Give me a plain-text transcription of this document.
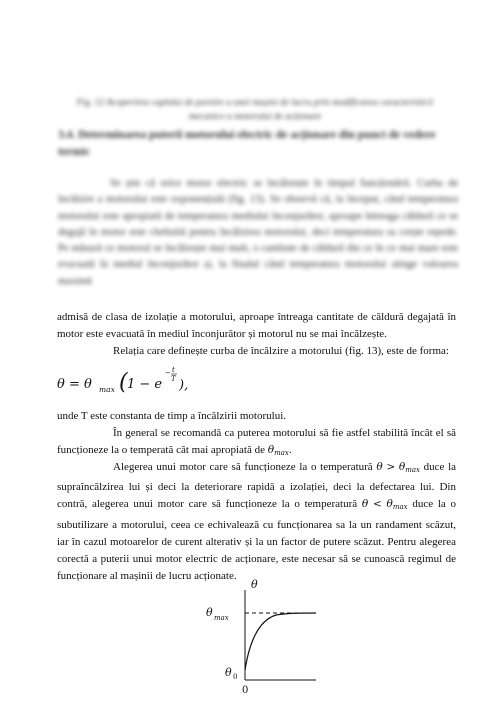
Fig. 12 Acoperirea cuplului de pornire a unei mașini de lucru prin modificarea caracteristicii mecanice a motorului de acționare
3.4. Determinarea puterii motorului electric de acționare din punct de vedere termic
Se știe că orice motor electric se încălzește în timpul funcționării. Curba de încălzire a motorului este exponențială (fig. 13). Se observă că, la început, când temperatura motorului este apropiată de temperatura mediului înconjurător, aproape întreaga căldură ce se degajă în motor este cheltuită pentru încălzirea motorului, deci temperatura sa crește repede. Pe măsură ce motorul se încălzește mai mult, o cantitate de căldură din ce în ce mai mare este evacuată în mediul înconjurător și, la finalul când temperatura motorului atinge valoarea maximă
admisă de clasa de izolație a motorului, aproape întreaga cantitate de căldură degajată în motor este evacuată în mediul înconjurător și motorul nu se mai încălzește.
Relația care definește curba de încălzire a motorului (fig. 13), este de forma:
θ = θ max ( 1 − e
− t
T ),
unde T este constanta de timp a încălzirii motorului.
În general se recomandă ca puterea motorului să fie astfel stabilită încât el să funcționeze la o temperată cât mai apropiată de $\theta_{max}$.
Alegerea unui motor care să funcționeze la o temperatură $\theta > \theta_{max}$ duce la supraîncălzirea lui și deci la deteriorare rapidă a izolației, deci la defectarea lui. Din contră, alegerea unui motor care să funcționeze la o temperatură $\theta < \theta_{max}$ duce la o subutilizare a motorului, ceea ce echivalează cu funcționarea sa la un randament scăzut, iar în cazul motoarelor de curent alterativ și la un factor de putere scăzut. Pentru alegerea corectă a puterii unui motor electric de acționare, este necesar să se cunoască regimul de funcționare al mașinii de lucru acționate.
θ
θ max
θ 0
0
